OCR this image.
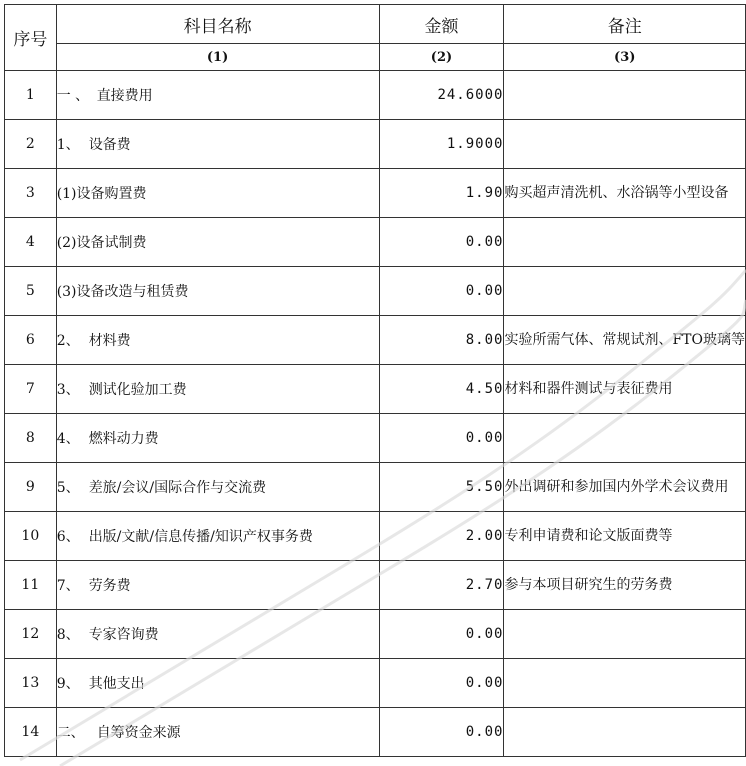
序号	科目名称	金额	备注
	(1)	(2)	(3)
1	一 、 直接费用	24.6000	
2	1、 设备费	1.9000	
3	(1)设备购置费	1.90	购买超声清洗机、水浴锅等小型设备
4	(2)设备试制费	0.00	
5	(3)设备改造与租赁费	0.00	
6	2、 材料费	8.00	实验所需气体、常规试剂、FTO玻璃等
7	3、 测试化验加工费	4.50	材料和器件测试与表征费用
8	4、 燃料动力费	0.00	
9	5、 差旅/会议/国际合作与交流费	5.50	外出调研和参加国内外学术会议费用
10	6、 出版/文献/信息传播/知识产权事务费	2.00	专利申请费和论文版面费等
11	7、 劳务费	2.70	参与本项目研究生的劳务费
12	8、 专家咨询费	0.00	
13	9、 其他支出	0.00	
14	二、 自筹资金来源	0.00	
